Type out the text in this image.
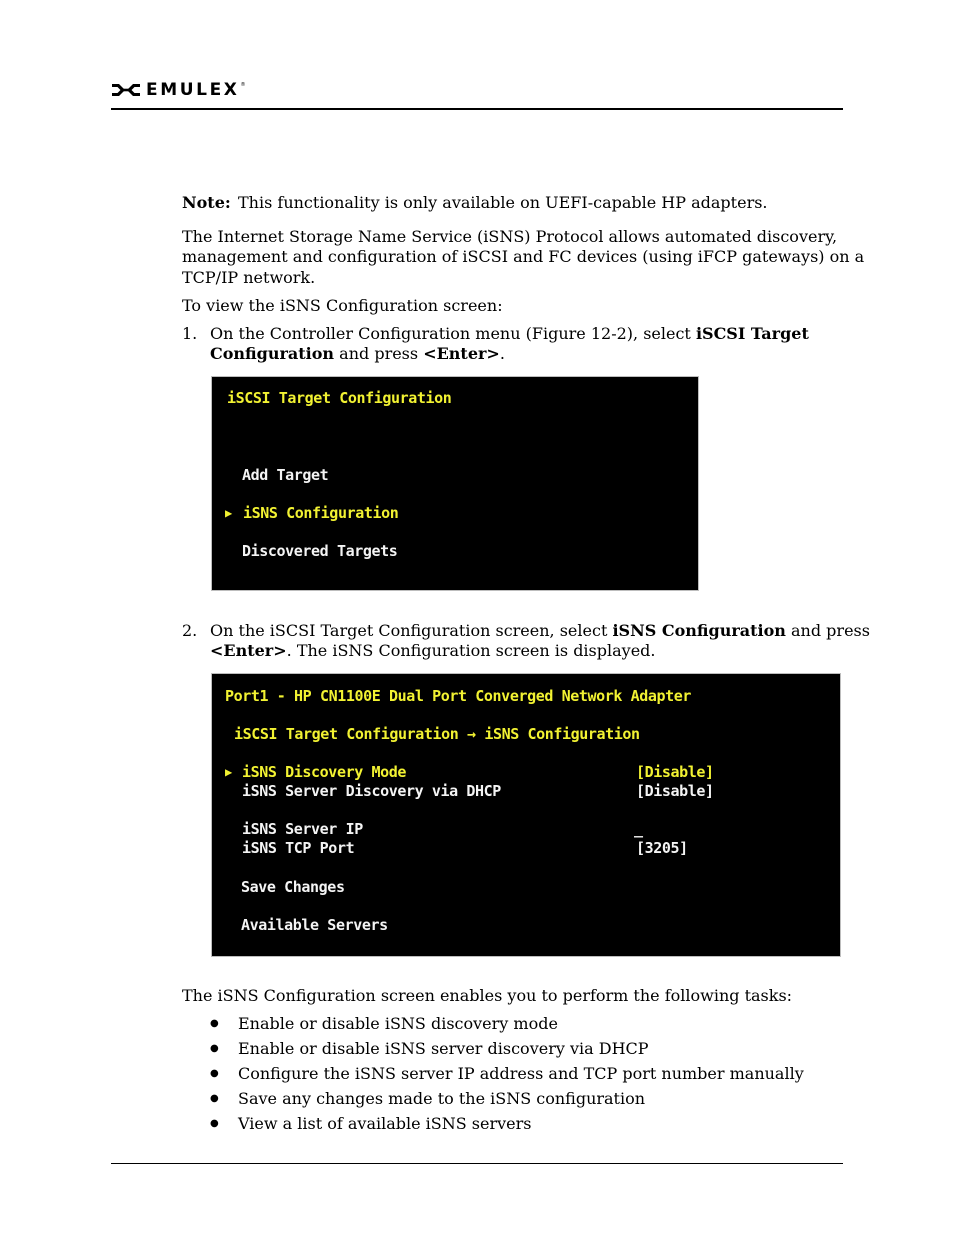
EMULEX ®
Note: This functionality is only available on UEFI-capable HP adapters.
The Internet Storage Name Service (iSNS) Protocol allows automated discovery,
management and configuration of iSCSI and FC devices (using iFCP gateways) on a
TCP/IP network.
To view the iSNS Configuration screen:
1. On the Controller Configuration menu (Figure 12-2), select iSCSI Target
Configuration and press <Enter>.

iSCSI Target Configuration

Add Target

▶

iSNS Configuration

Discovered Targets

2. On the iSCSI Target Configuration screen, select iSNS Configuration and press
<Enter>. The iSNS Configuration screen is displayed.

Port1 - HP CN1100E Dual Port Converged Network Adapter

iSCSI Target Configuration → iSNS Configuration

▶

iSNS Discovery Mode

	[Disable]

iSNS Server Discovery via DHCP

	[Disable]

iSNS Server IP

	_

iSNS TCP Port

	[3205]

Save Changes

Available Servers

The iSNS Configuration screen enables you to perform the following tasks:
● Enable or disable iSNS discovery mode
● Enable or disable iSNS server discovery via DHCP
● Configure the iSNS server IP address and TCP port number manually
● Save any changes made to the iSNS configuration
● View a list of available iSNS servers
